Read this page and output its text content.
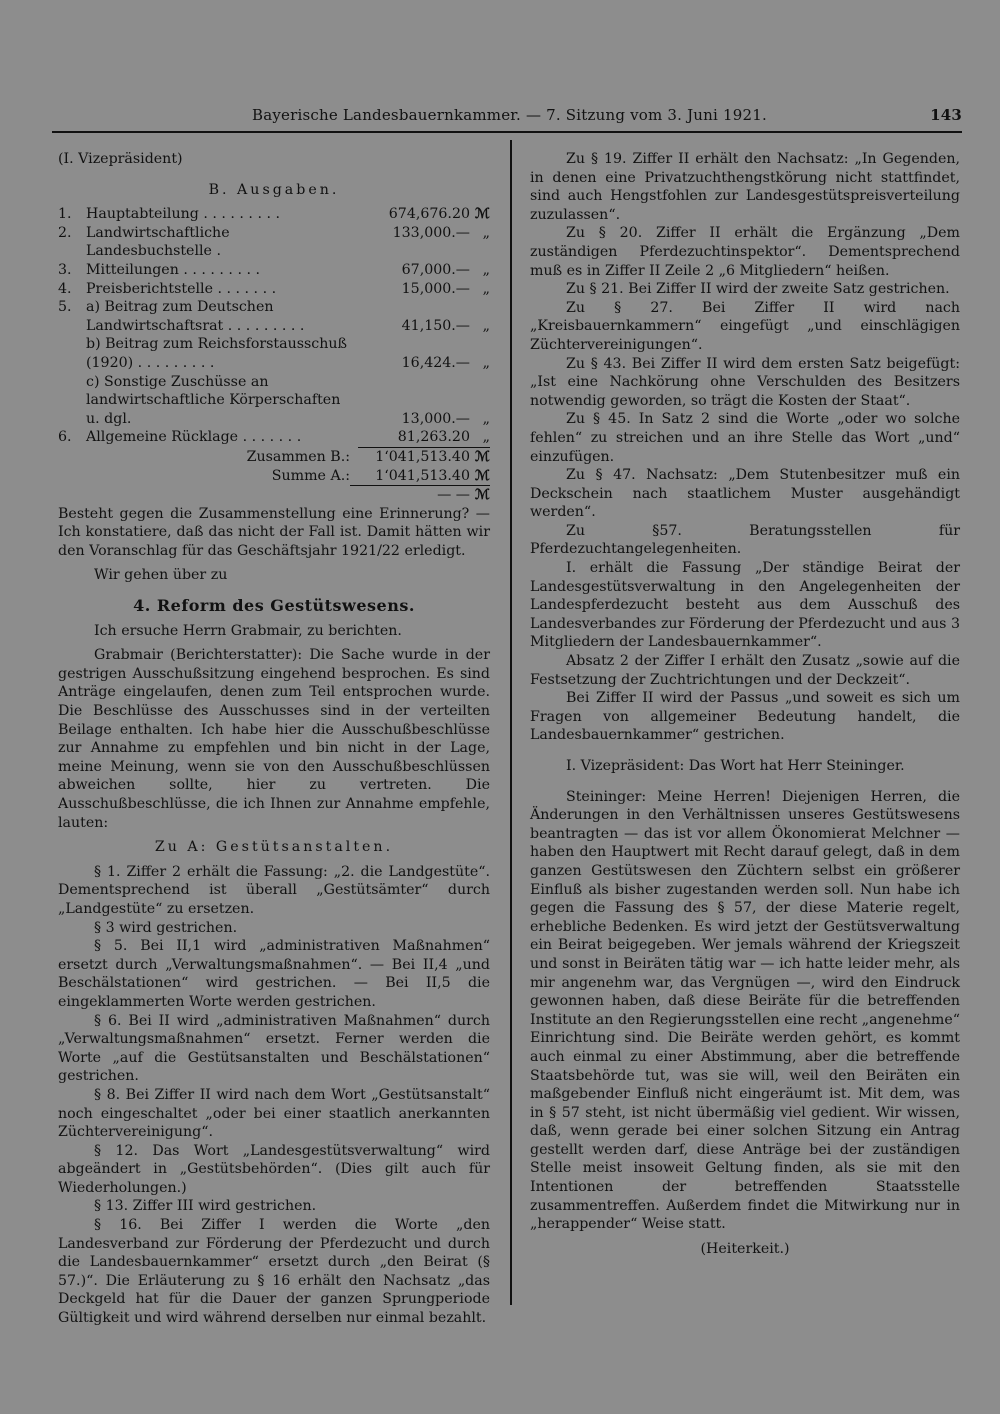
Bayerische Landesbauernkammer. — 7. Sitzung vom 3. Juni 1921.	143

(I. Vizepräsident)

B. Ausgaben.

1.	Hauptabteilung . . . . . . . . .	674,676.20	ℳ
2.	Landwirtschaftliche Landesbuchstelle .	133,000.—	„
3.	Mitteilungen . . . . . . . . .	67,000.—	„
4.	Preisberichtstelle . . . . . . .	15,000.—	„
5.	a) Beitrag zum Deutschen Landwirtschaftsrat . . . . . . . . .	41,150.—	„
	b) Beitrag zum Reichsforstausschuß (1920) . . . . . . . . .	16,424.—	„
	c) Sonstige Zuschüsse an landwirtschaftliche Körperschaften u. dgl.	13,000.—	„
6.	Allgemeine Rücklage . . . . . . .	81,263.20	„

Zusammen B.:	1‘041,513.40 ℳ
Summe A.:	1‘041,513.40 ℳ
— — ℳ

Besteht gegen die Zusammenstellung eine Erinnerung? — Ich konstatiere, daß das nicht der Fall ist. Damit hätten wir den Voranschlag für das Geschäftsjahr 1921/22 erledigt.

Wir gehen über zu

4. Reform des Gestütswesens.

Ich ersuche Herrn Grabmair, zu berichten.

Grabmair (Berichterstatter): Die Sache wurde in der gestrigen Ausschußsitzung eingehend besprochen. Es sind Anträge eingelaufen, denen zum Teil entsprochen wurde. Die Beschlüsse des Ausschusses sind in der verteilten Beilage enthalten. Ich habe hier die Ausschußbeschlüsse zur Annahme zu empfehlen und bin nicht in der Lage, meine Meinung, wenn sie von den Ausschußbeschlüssen abweichen sollte, hier zu vertreten. Die Ausschußbeschlüsse, die ich Ihnen zur Annahme empfehle, lauten:

Zu A: Gestütsanstalten.

§ 1. Ziffer 2 erhält die Fassung: „2. die Landgestüte“. Dementsprechend ist überall „Gestütsämter“ durch „Landgestüte“ zu ersetzen.

§ 3 wird gestrichen.

§ 5. Bei II,1 wird „administrativen Maßnahmen“ ersetzt durch „Verwaltungsmaßnahmen“. — Bei II,4 „und Beschälstationen“ wird gestrichen. — Bei II,5 die eingeklammerten Worte werden gestrichen.

§ 6. Bei II wird „administrativen Maßnahmen“ durch „Verwaltungsmaßnahmen“ ersetzt. Ferner werden die Worte „auf die Gestütsanstalten und Beschälstationen“ gestrichen.

§ 8. Bei Ziffer II wird nach dem Wort „Gestütsanstalt“ noch eingeschaltet „oder bei einer staatlich anerkannten Züchtervereinigung“.

§ 12. Das Wort „Landesgestütsverwaltung“ wird abgeändert in „Gestütsbehörden“. (Dies gilt auch für Wiederholungen.)

§ 13. Ziffer III wird gestrichen.

§ 16. Bei Ziffer I werden die Worte „den Landesverband zur Förderung der Pferdezucht und durch die Landesbauernkammer“ ersetzt durch „den Beirat (§ 57.)“. Die Erläuterung zu § 16 erhält den Nachsatz „das Deckgeld hat für die Dauer der ganzen Sprungperiode Gültigkeit und wird während derselben nur einmal bezahlt.

Zu § 19. Ziffer II erhält den Nachsatz: „In Gegenden, in denen eine Privatzuchthengstkörung nicht stattfindet, sind auch Hengstfohlen zur Landesgestütspreisverteilung zuzulassen“.

Zu § 20. Ziffer II erhält die Ergänzung „Dem zuständigen Pferdezuchtinspektor“. Dementsprechend muß es in Ziffer II Zeile 2 „6 Mitgliedern“ heißen.

Zu § 21. Bei Ziffer II wird der zweite Satz gestrichen.

Zu § 27. Bei Ziffer II wird nach „Kreisbauernkammern“ eingefügt „und einschlägigen Züchtervereinigungen“.

Zu § 43. Bei Ziffer II wird dem ersten Satz beigefügt: „Ist eine Nachkörung ohne Verschulden des Besitzers notwendig geworden, so trägt die Kosten der Staat“.

Zu § 45. In Satz 2 sind die Worte „oder wo solche fehlen“ zu streichen und an ihre Stelle das Wort „und“ einzufügen.

Zu § 47. Nachsatz: „Dem Stutenbesitzer muß ein Deckschein nach staatlichem Muster ausgehändigt werden“.

Zu §57. Beratungsstellen für Pferdezuchtangelegenheiten.

I. erhält die Fassung „Der ständige Beirat der Landesgestütsverwaltung in den Angelegenheiten der Landespferdezucht besteht aus dem Ausschuß des Landesverbandes zur Förderung der Pferdezucht und aus 3 Mitgliedern der Landesbauernkammer“.

Absatz 2 der Ziffer I erhält den Zusatz „sowie auf die Festsetzung der Zuchtrichtungen und der Deckzeit“.

Bei Ziffer II wird der Passus „und soweit es sich um Fragen von allgemeiner Bedeutung handelt, die Landesbauernkammer“ gestrichen.

I. Vizepräsident: Das Wort hat Herr Steininger.

Steininger: Meine Herren! Diejenigen Herren, die Änderungen in den Verhältnissen unseres Gestütswesens beantragten — das ist vor allem Ökonomierat Melchner — haben den Hauptwert mit Recht darauf gelegt, daß in dem ganzen Gestütswesen den Züchtern selbst ein größerer Einfluß als bisher zugestanden werden soll. Nun habe ich gegen die Fassung des § 57, der diese Materie regelt, erhebliche Bedenken. Es wird jetzt der Gestütsverwaltung ein Beirat beigegeben. Wer jemals während der Kriegszeit und sonst in Beiräten tätig war — ich hatte leider mehr, als mir angenehm war, das Vergnügen —, wird den Eindruck gewonnen haben, daß diese Beiräte für die betreffenden Institute an den Regierungsstellen eine recht „angenehme“ Einrichtung sind. Die Beiräte werden gehört, es kommt auch einmal zu einer Abstimmung, aber die betreffende Staatsbehörde tut, was sie will, weil den Beiräten ein maßgebender Einfluß nicht eingeräumt ist. Mit dem, was in § 57 steht, ist nicht übermäßig viel gedient. Wir wissen, daß, wenn gerade bei einer solchen Sitzung ein Antrag gestellt werden darf, diese Anträge bei der zuständigen Stelle meist insoweit Geltung finden, als sie mit den Intentionen der betreffenden Staatsstelle zusammentreffen. Außerdem findet die Mitwirkung nur in „herappender“ Weise statt.

(Heiterkeit.)
